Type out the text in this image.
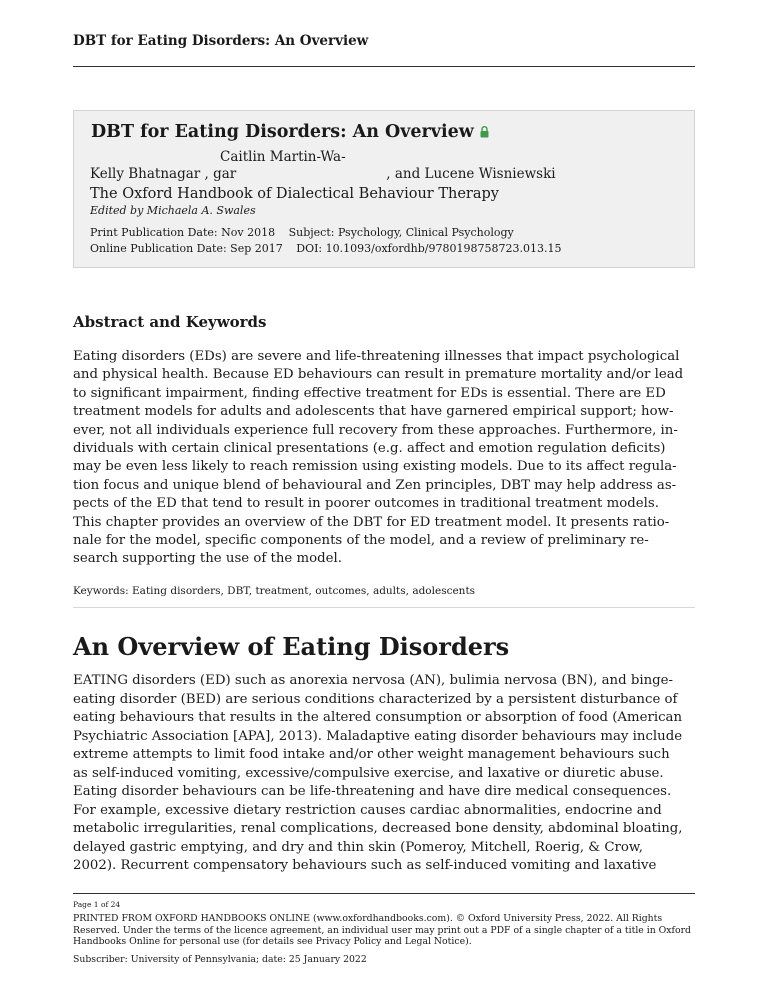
DBT for Eating Disorders: An Overview
DBT for Eating Disorders: An Overview
Caitlin Martin-Wa-
Kelly Bhatnagar , gar	, and Lucene Wisniewski
The Oxford Handbook of Dialectical Behaviour Therapy
Edited by Michaela A. Swales
Print Publication Date: Nov 2018 Subject: Psychology, Clinical Psychology
Online Publication Date: Sep 2017 DOI: 10.1093/oxfordhb/9780198758723.013.15
Abstract and Keywords
Eating disorders (EDs) are severe and life-threatening illnesses that impact psychological
and physical health. Because ED behaviours can result in premature mortality and/or lead
to significant impairment, finding effective treatment for EDs is essential. There are ED
treatment models for adults and adolescents that have garnered empirical support; how-
ever, not all individuals experience full recovery from these approaches. Furthermore, in-
dividuals with certain clinical presentations (e.g. affect and emotion regulation deficits)
may be even less likely to reach remission using existing models. Due to its affect regula-
tion focus and unique blend of behavioural and Zen principles, DBT may help address as-
pects of the ED that tend to result in poorer outcomes in traditional treatment models.
This chapter provides an overview of the DBT for ED treatment model. It presents ratio-
nale for the model, specific components of the model, and a review of preliminary re-
search supporting the use of the model.
Keywords: Eating disorders, DBT, treatment, outcomes, adults, adolescents
An Overview of Eating Disorders
EATING disorders (ED) such as anorexia nervosa (AN), bulimia nervosa (BN), and binge-
eating disorder (BED) are serious conditions characterized by a persistent disturbance of
eating behaviours that results in the altered consumption or absorption of food (American
Psychiatric Association [APA], 2013). Maladaptive eating disorder behaviours may include
extreme attempts to limit food intake and/or other weight management behaviours such
as self-induced vomiting, excessive/compulsive exercise, and laxative or diuretic abuse.
Eating disorder behaviours can be life-threatening and have dire medical consequences.
For example, excessive dietary restriction causes cardiac abnormalities, endocrine and
metabolic irregularities, renal complications, decreased bone density, abdominal bloating,
delayed gastric emptying, and dry and thin skin (Pomeroy, Mitchell, Roerig, & Crow,
2002). Recurrent compensatory behaviours such as self-induced vomiting and laxative
Page 1 of 24
PRINTED FROM OXFORD HANDBOOKS ONLINE (www.oxfordhandbooks.com). © Oxford University Press, 2022. All Rights Reserved. Under the terms of the licence agreement, an individual user may print out a PDF of a single chapter of a title in Oxford Handbooks Online for personal use (for details see Privacy Policy and Legal Notice).
Subscriber: University of Pennsylvania; date: 25 January 2022
